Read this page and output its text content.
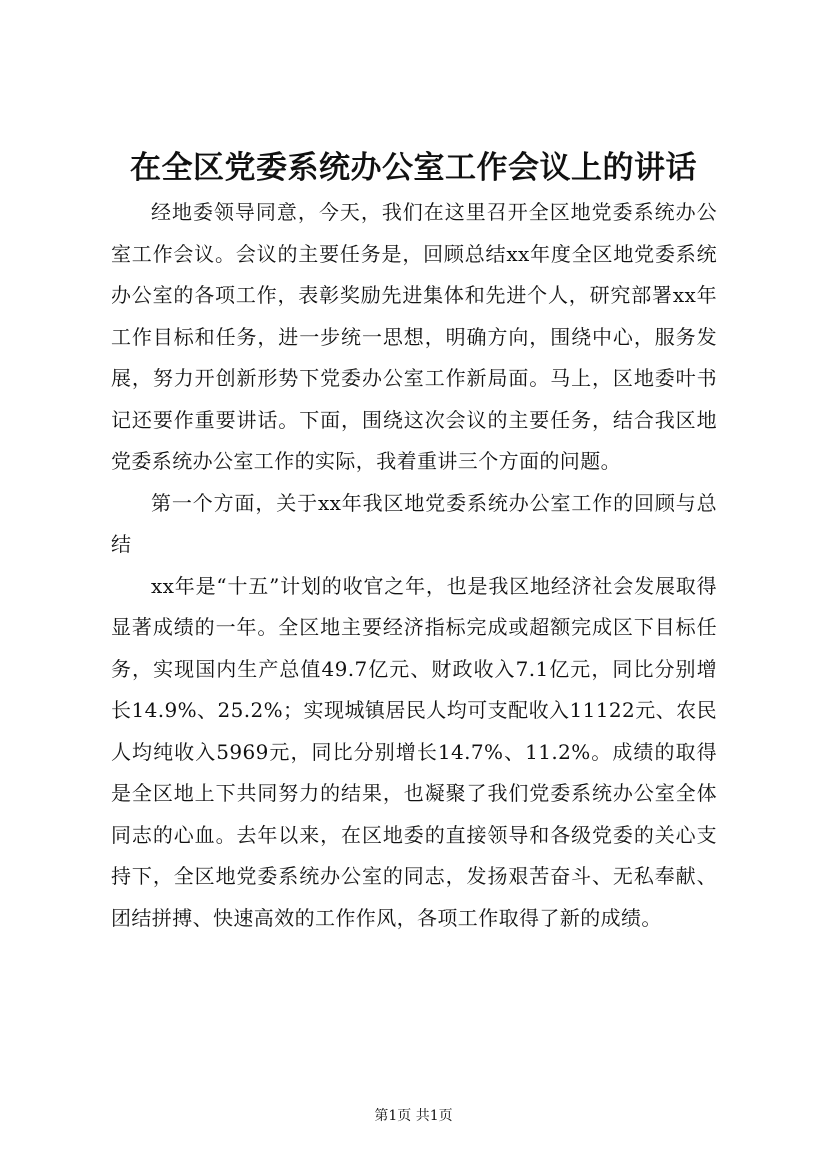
在全区党委系统办公室工作会议上的讲话

经地委领导同意，今天，我们在这里召开全区地党委系统办公室工作会议。会议的主要任务是，回顾总结xx年度全区地党委系统办公室的各项工作，表彰奖励先进集体和先进个人，研究部署xx年工作目标和任务，进一步统一思想，明确方向，围绕中心，服务发展，努力开创新形势下党委办公室工作新局面。马上，区地委叶书记还要作重要讲话。下面，围绕这次会议的主要任务，结合我区地党委系统办公室工作的实际，我着重讲三个方面的问题。

第一个方面，关于xx年我区地党委系统办公室工作的回顾与总结

xx年是“十五”计划的收官之年，也是我区地经济社会发展取得显著成绩的一年。全区地主要经济指标完成或超额完成区下目标任务，实现国内生产总值49.7亿元、财政收入7.1亿元，同比分别增长14.9%、25.2%；实现城镇居民人均可支配收入11122元、农民人均纯收入5969元，同比分别增长14.7%、11.2%。成绩的取得是全区地上下共同努力的结果，也凝聚了我们党委系统办公室全体同志的心血。去年以来，在区地委的直接领导和各级党委的关心支持下，全区地党委系统办公室的同志，发扬艰苦奋斗、无私奉献、团结拼搏、快速高效的工作作风，各项工作取得了新的成绩。

第1页 共1页
